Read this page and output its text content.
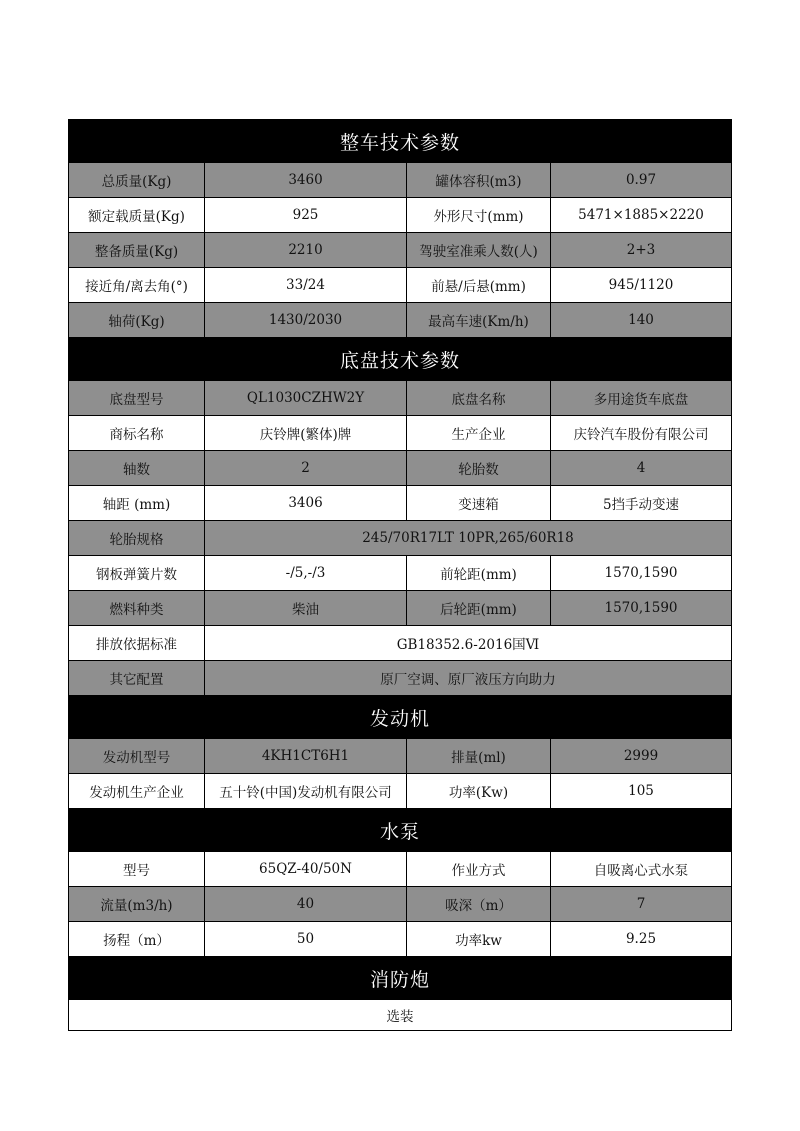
整车技术参数			
总质量(Kg)	3460	罐体容积(m3)	0.97
额定载质量(Kg)	925	外形尺寸(mm)	5471×1885×2220
整备质量(Kg)	2210	驾驶室准乘人数(人)	2+3
接近角/离去角(°)	33/24	前悬/后悬(mm)	945/1120
轴荷(Kg)	1430/2030	最高车速(Km/h)	140
底盘技术参数			
底盘型号	QL1030CZHW2Y	底盘名称	多用途货车底盘
商标名称	庆铃牌(繁体)牌	生产企业	庆铃汽车股份有限公司
轴数	2	轮胎数	4
轴距 (mm)	3406	变速箱	5挡手动变速
轮胎规格	245/70R17LT 10PR,265/60R18		
钢板弹簧片数	-/5,-/3	前轮距(mm)	1570,1590
燃料种类	柴油	后轮距(mm)	1570,1590
排放依据标准	GB18352.6-2016国Ⅵ		
其它配置	原厂空调、原厂液压方向助力		
发动机			
发动机型号	4KH1CT6H1	排量(ml)	2999
发动机生产企业	五十铃(中国)发动机有限公司	功率(Kw)	105
水泵			
型号	65QZ-40/50N	作业方式	自吸离心式水泵
流量(m3/h)	40	吸深（m）	7
扬程（m）	50	功率kw	9.25
消防炮			
选装			
